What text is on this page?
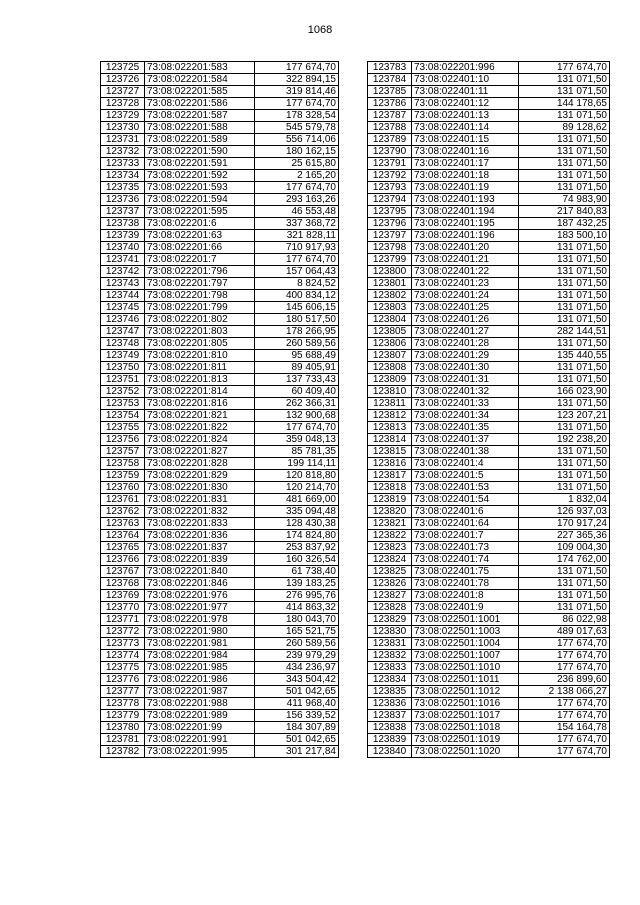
1068
123725	73:08:022201:583	177 674,70
123726	73:08:022201:584	322 894,15
123727	73:08:022201:585	319 814,46
123728	73:08:022201:586	177 674,70
123729	73:08:022201:587	178 328,54
123730	73:08:022201:588	545 579,78
123731	73:08:022201:589	556 714,06
123732	73:08:022201:590	180 162,15
123733	73:08:022201:591	25 615,80
123734	73:08:022201:592	2 165,20
123735	73:08:022201:593	177 674,70
123736	73:08:022201:594	293 163,26
123737	73:08:022201:595	46 553,48
123738	73:08:022201:6	337 368,72
123739	73:08:022201:63	321 828,11
123740	73:08:022201:66	710 917,93
123741	73:08:022201:7	177 674,70
123742	73:08:022201:796	157 064,43
123743	73:08:022201:797	8 824,52
123744	73:08:022201:798	400 834,12
123745	73:08:022201:799	145 606,15
123746	73:08:022201:802	180 517,50
123747	73:08:022201:803	178 266,95
123748	73:08:022201:805	260 589,56
123749	73:08:022201:810	95 688,49
123750	73:08:022201:811	89 405,91
123751	73:08:022201:813	137 733,43
123752	73:08:022201:814	60 409,40
123753	73:08:022201:816	262 366,31
123754	73:08:022201:821	132 900,68
123755	73:08:022201:822	177 674,70
123756	73:08:022201:824	359 048,13
123757	73:08:022201:827	85 781,35
123758	73:08:022201:828	199 114,11
123759	73:08:022201:829	120 818,80
123760	73:08:022201:830	120 214,70
123761	73:08:022201:831	481 669,00
123762	73:08:022201:832	335 094,48
123763	73:08:022201:833	128 430,38
123764	73:08:022201:836	174 824,80
123765	73:08:022201:837	253 837,92
123766	73:08:022201:839	160 326,54
123767	73:08:022201:840	61 738,40
123768	73:08:022201:846	139 183,25
123769	73:08:022201:976	276 995,76
123770	73:08:022201:977	414 863,32
123771	73:08:022201:978	180 043,70
123772	73:08:022201:980	165 521,75
123773	73:08:022201:981	260 589,56
123774	73:08:022201:984	239 979,29
123775	73:08:022201:985	434 236,97
123776	73:08:022201:986	343 504,42
123777	73:08:022201:987	501 042,65
123778	73:08:022201:988	411 968,40
123779	73:08:022201:989	156 339,52
123780	73:08:022201:99	184 307,89
123781	73:08:022201:991	501 042,65
123782	73:08:022201:995	301 217,84
123783	73:08:022201:996	177 674,70
123784	73:08:022401:10	131 071,50
123785	73:08:022401:11	131 071,50
123786	73:08:022401:12	144 178,65
123787	73:08:022401:13	131 071,50
123788	73:08:022401:14	89 128,62
123789	73:08:022401:15	131 071,50
123790	73:08:022401:16	131 071,50
123791	73:08:022401:17	131 071,50
123792	73:08:022401:18	131 071,50
123793	73:08:022401:19	131 071,50
123794	73:08:022401:193	74 983,90
123795	73:08:022401:194	217 840,83
123796	73:08:022401:195	187 432,25
123797	73:08:022401:196	183 500,10
123798	73:08:022401:20	131 071,50
123799	73:08:022401:21	131 071,50
123800	73:08:022401:22	131 071,50
123801	73:08:022401:23	131 071,50
123802	73:08:022401:24	131 071,50
123803	73:08:022401:25	131 071,50
123804	73:08:022401:26	131 071,50
123805	73:08:022401:27	282 144,51
123806	73:08:022401:28	131 071,50
123807	73:08:022401:29	135 440,55
123808	73:08:022401:30	131 071,50
123809	73:08:022401:31	131 071,50
123810	73:08:022401:32	166 023,90
123811	73:08:022401:33	131 071,50
123812	73:08:022401:34	123 207,21
123813	73:08:022401:35	131 071,50
123814	73:08:022401:37	192 238,20
123815	73:08:022401:38	131 071,50
123816	73:08:022401:4	131 071,50
123817	73:08:022401:5	131 071,50
123818	73:08:022401:53	131 071,50
123819	73:08:022401:54	1 832,04
123820	73:08:022401:6	126 937,03
123821	73:08:022401:64	170 917,24
123822	73:08:022401:7	227 365,36
123823	73:08:022401:73	109 004,30
123824	73:08:022401:74	174 762,00
123825	73:08:022401:75	131 071,50
123826	73:08:022401:78	131 071,50
123827	73:08:022401:8	131 071,50
123828	73:08:022401:9	131 071,50
123829	73:08:022501:1001	86 022,98
123830	73:08:022501:1003	489 017,63
123831	73:08:022501:1004	177 674,70
123832	73:08:022501:1007	177 674,70
123833	73:08:022501:1010	177 674,70
123834	73:08:022501:1011	236 899,60
123835	73:08:022501:1012	2 138 066,27
123836	73:08:022501:1016	177 674,70
123837	73:08:022501:1017	177 674,70
123838	73:08:022501:1018	154 164,78
123839	73:08:022501:1019	177 674,70
123840	73:08:022501:1020	177 674,70
